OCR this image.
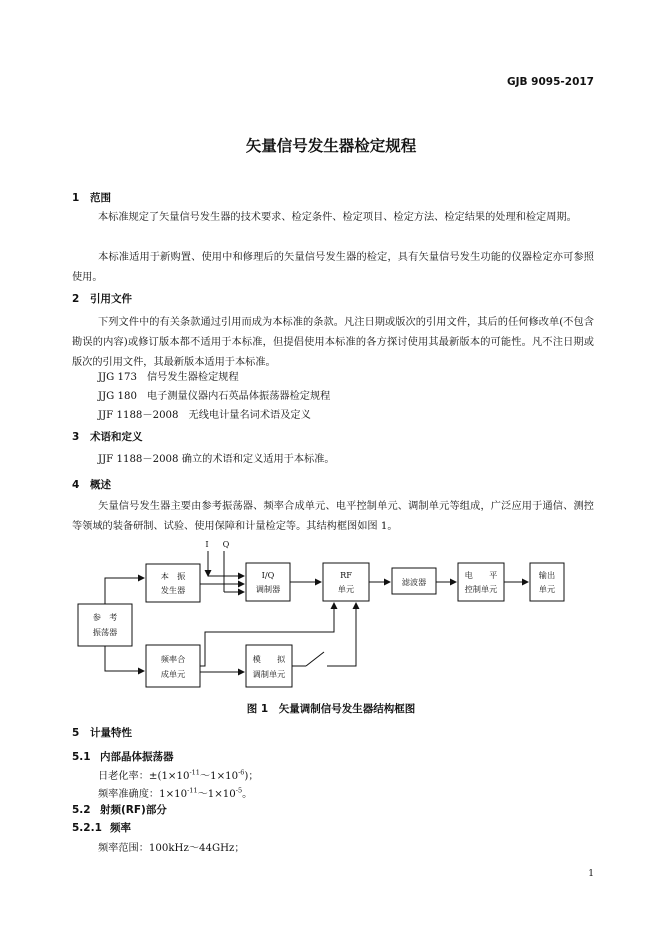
GJB 9095-2017
矢量信号发生器检定规程
1 范围
本标准规定了矢量信号发生器的技术要求、检定条件、检定项目、检定方法、检定结果的处理和检定周期。
本标准适用于新购置、使用中和修理后的矢量信号发生器的检定，具有矢量信号发生功能的仪器检定亦可参照使用。
2 引用文件
下列文件中的有关条款通过引用而成为本标准的条款。凡注日期或版次的引用文件，其后的任何修改单(不包含勘误的内容)或修订版本都不适用于本标准，但提倡使用本标准的各方探讨使用其最新版本的可能性。凡不注日期或版次的引用文件，其最新版本适用于本标准。
JJG 173 信号发生器检定规程
JJG 180 电子测量仪器内石英晶体振荡器检定规程
JJF 1188－2008 无线电计量名词术语及定义
3 术语和定义
JJF 1188－2008 确立的术语和定义适用于本标准。
4 概述
矢量信号发生器主要由参考振荡器、频率合成单元、电平控制单元、调制单元等组成，广泛应用于通信、测控等领域的装备研制、试验、使用保障和计量检定等。其结构框图如图 1。
I Q
参　考
振荡器
本　振
发生器
I/Q
调制器
RF
单元
滤波器
电　　平
控制单元
输出
单元
频率合
成单元
模　　拟
调制单元
图 1　矢量调制信号发生器结构框图
5 计量特性
5.1 内部晶体振荡器
日老化率：$\pm(1\times 10^{-11}\sim 1\times 10^{-6})$；
频率准确度：$1\times 10^{-11}\sim 1\times 10^{-5}$。
5.2 射频(RF)部分
5.2.1 频率
频率范围：100kHz～44GHz；
1
